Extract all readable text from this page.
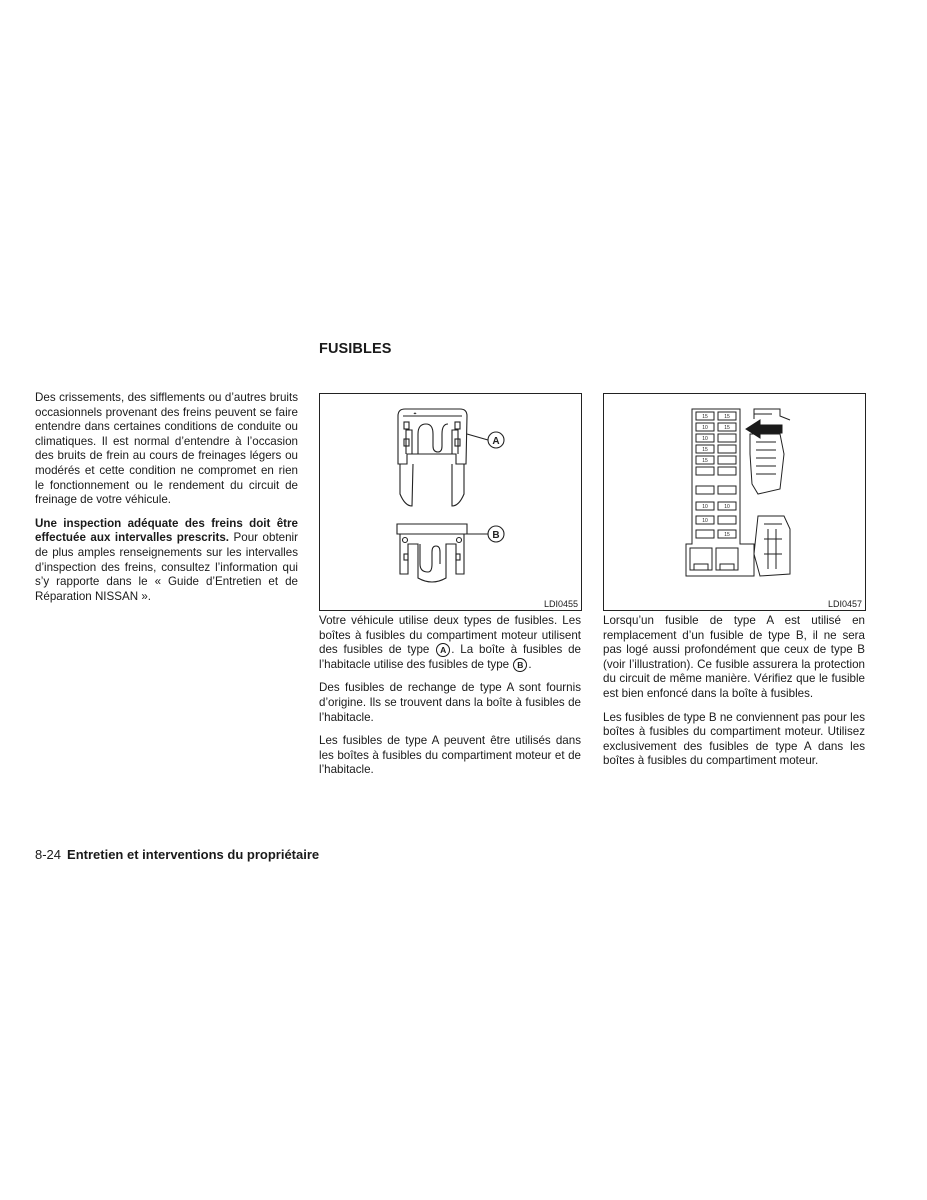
FUSIBLES

Des crissements, des sifflements ou d’autres bruits occasionnels provenant des freins peuvent se faire entendre dans certaines conditions de conduite ou climatiques. Il est normal d’entendre à l’occasion des bruits de frein au cours de freinages légers ou modérés et cette condition ne compromet en rien le fonctionnement ou le rendement du circuit de freinage de votre véhicule.

Une inspection adéquate des freins doit être effectuée aux intervalles prescrits. Pour obtenir de plus amples renseignements sur les intervalles d’inspection des freins, consultez l’information qui s’y rapporte dans le « Guide d’Entretien et de Réparation NISSAN ».

A
B
LDI0455
15	15
10	15
10
15
15
10	10
10
15
LDI0457

Votre véhicule utilise deux types de fusibles. Les boîtes à fusibles du compartiment moteur utilisent des fusibles de type A . La boîte à fusibles de l’habitacle utilise des fusibles de type B .

Des fusibles de rechange de type A sont fournis d’origine. Ils se trouvent dans la boîte à fusibles de l’habitacle.

Les fusibles de type A peuvent être utilisés dans les boîtes à fusibles du compartiment moteur et de l’habitacle.

Lorsqu’un fusible de type A est utilisé en remplacement d’un fusible de type B, il ne sera pas logé aussi profondément que ceux de type B (voir l’illustration). Ce fusible assurera la protection du circuit de même manière. Vérifiez que le fusible est bien enfoncé dans la boîte à fusibles.

Les fusibles de type B ne conviennent pas pour les boîtes à fusibles du compartiment moteur. Utilisez exclusivement des fusibles de type A dans les boîtes à fusibles du compartiment moteur.

8-24 Entretien et interventions du propriétaire
